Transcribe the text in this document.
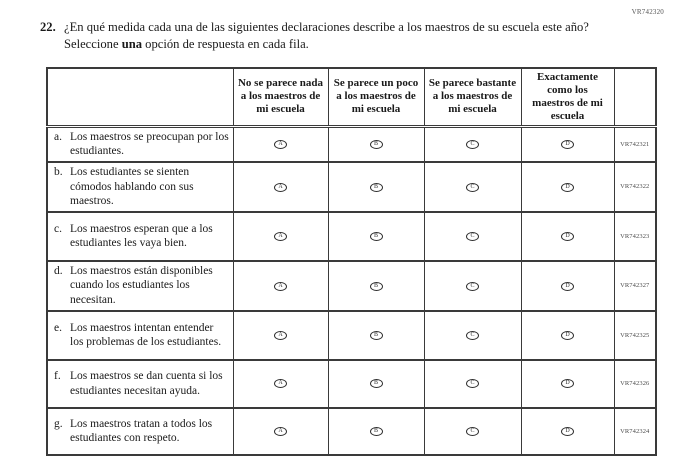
VR742320
22. ¿En qué medida cada una de las siguientes declaraciones describe a los maestros de su escuela este año? Seleccione una opción de respuesta en cada fila.
	No se parece nada a los maestros de mi escuela	Se parece un poco a los maestros de mi escuela	Se parece bastante a los maestros de mi escuela	Exactamente como los maestros de mi escuela	

a. Los maestros se preocupan por los estudiantes.	A	B	C	D	VR742321

b. Los estudiantes se sienten cómodos hablando con sus maestros.	A	B	C	D	VR742322

c. Los maestros esperan que a los estudiantes les vaya bien.	A	B	C	D	VR742323

d. Los maestros están disponibles cuando los estudiantes los necesitan.	A	B	C	D	VR742327

e. Los maestros intentan entender los problemas de los estudiantes.	A	B	C	D	VR742325

f. Los maestros se dan cuenta si los estudiantes necesitan ayuda.	A	B	C	D	VR742326

g. Los maestros tratan a todos los estudiantes con respeto.	A	B	C	D	VR742324
